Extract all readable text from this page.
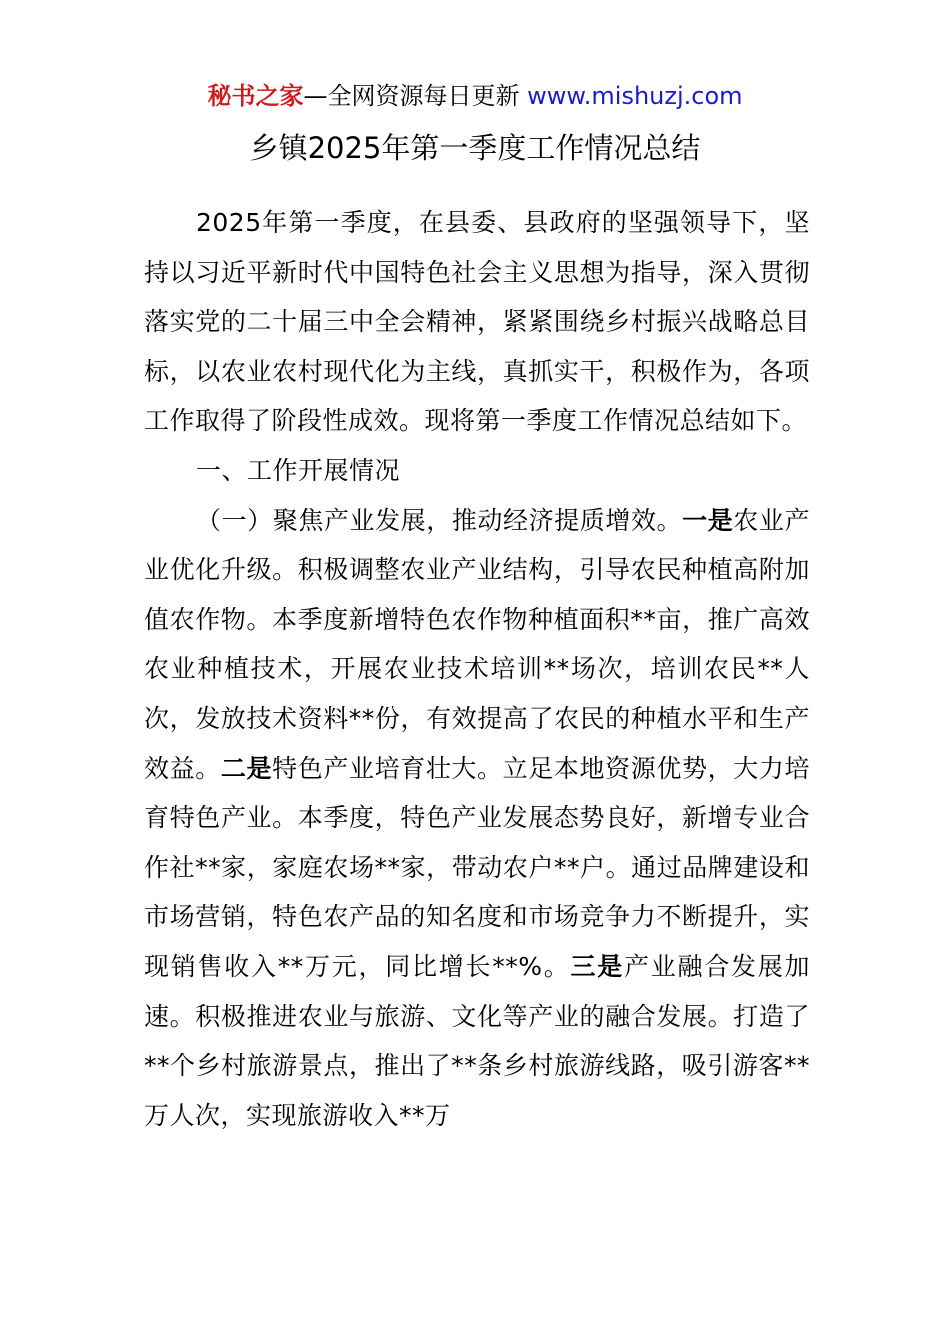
秘书之家—全网资源每日更新 www.mishuzj.com
乡镇2025年第一季度工作情况总结

2025年第一季度，在县委、县政府的坚强领导下，坚持以习近平新时代中国特色社会主义思想为指导，深入贯彻落实党的二十届三中全会精神，紧紧围绕乡村振兴战略总目标，以农业农村现代化为主线，真抓实干，积极作为，各项工作取得了阶段性成效。现将第一季度工作情况总结如下。

一、工作开展情况

（一）聚焦产业发展，推动经济提质增效。一是农业产业优化升级。积极调整农业产业结构，引导农民种植高附加值农作物。本季度新增特色农作物种植面积**亩，推广高效农业种植技术，开展农业技术培训**场次，培训农民**人次，发放技术资料**份，有效提高了农民的种植水平和生产效益。二是特色产业培育壮大。立足本地资源优势，大力培育特色产业。本季度，特色产业发展态势良好，新增专业合作社**家，家庭农场**家，带动农户**户。通过品牌建设和市场营销，特色农产品的知名度和市场竞争力不断提升，实现销售收入**万元，同比增长**%。三是产业融合发展加速。积极推进农业与旅游、文化等产业的融合发展。打造了**个乡村旅游景点，推出了**条乡村旅游线路，吸引游客**万人次，实现旅游收入**万
